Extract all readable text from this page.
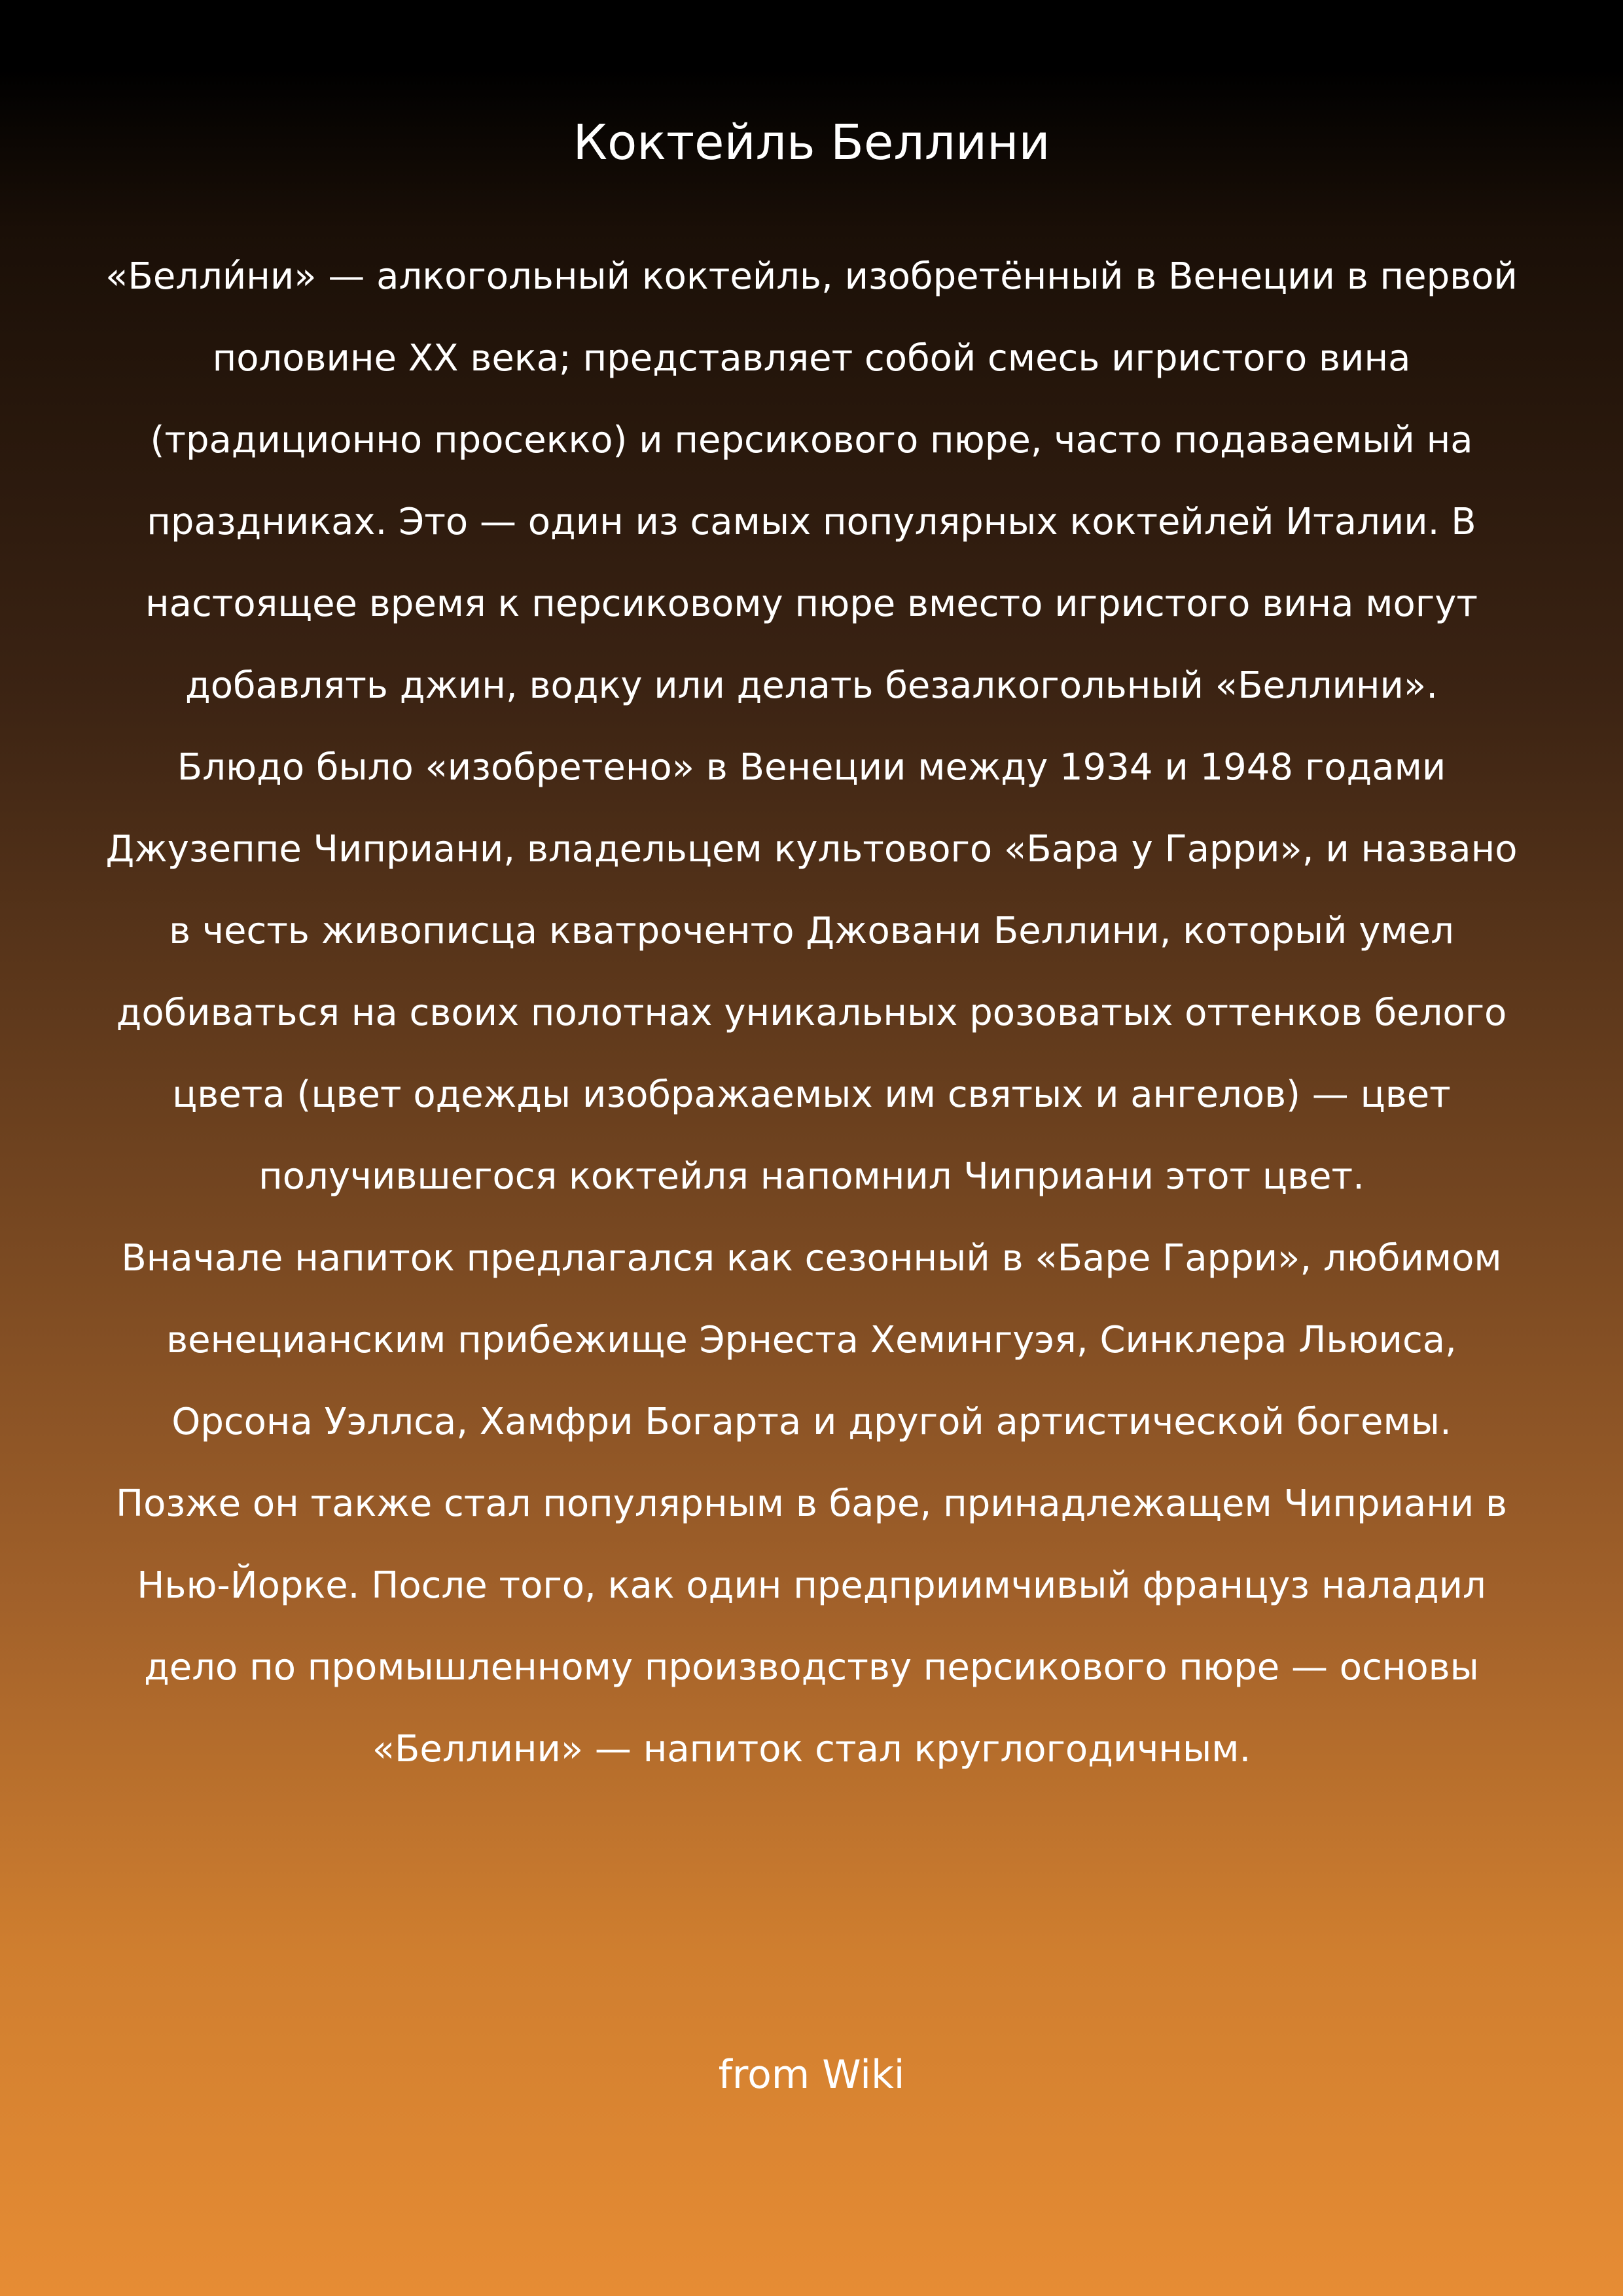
Коктейль Беллини

«Белли́ни» — алкогольный коктейль, изобретённый в Венеции в первой половине XX века; представляет собой смесь игристого вина (традиционно просекко) и персикового пюре, часто подаваемый на праздниках. Это — один из самых популярных коктейлей Италии. В настоящее время к персиковому пюре вместо игристого вина могут добавлять джин, водку или делать безалкогольный «Беллини».

Блюдо было «изобретено» в Венеции между 1934 и 1948 годами Джузеппе Чиприани, владельцем культового «Бара у Гарри», и названо в честь живописца кватроченто Джовани Беллини, который умел добиваться на своих полотнах уникальных розоватых оттенков белого цвета (цвет одежды изображаемых им святых и ангелов) — цвет получившегося коктейля напомнил Чиприани этот цвет.

Вначале напиток предлагался как сезонный в «Баре Гарри», любимом венецианским прибежище Эрнеста Хемингуэя, Синклера Льюиса, Орсона Уэллса, Хамфри Богарта и другой артистической богемы. Позже он также стал популярным в баре, принадлежащем Чиприани в Нью-Йорке. После того, как один предприимчивый француз наладил дело по промышленному производству персикового пюре — основы «Беллини» — напиток стал круглогодичным.

from Wiki
